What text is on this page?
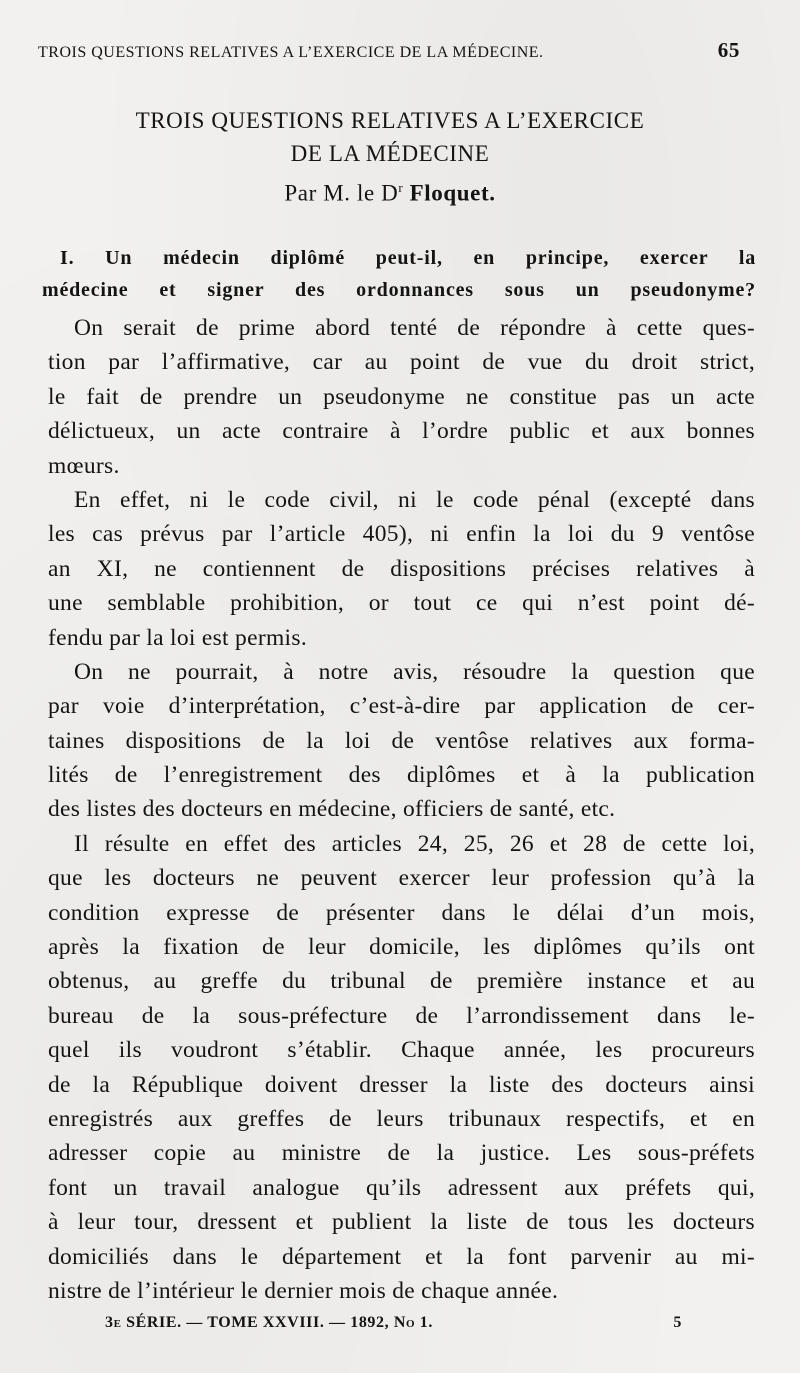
TROIS QUESTIONS RELATIVES A L’EXERCICE DE LA MÉDECINE.	65
TROIS QUESTIONS RELATIVES A L’EXERCICE
DE LA MÉDECINE
Par M. le $D^r$ Floquet.
I. Un médecin diplômé peut-il, en principe, exercer la
médecine et signer des ordonnances sous un pseudonyme?
On serait de prime abord tenté de répondre à cette ques-
tion par l’affirmative, car au point de vue du droit strict,
le fait de prendre un pseudonyme ne constitue pas un acte
délictueux, un acte contraire à l’ordre public et aux bonnes
mœurs.
En effet, ni le code civil, ni le code pénal (excepté dans
les cas prévus par l’article 405), ni enfin la loi du 9 ventôse
an XI, ne contiennent de dispositions précises relatives à
une semblable prohibition, or tout ce qui n’est point dé-
fendu par la loi est permis.
On ne pourrait, à notre avis, résoudre la question que
par voie d’interprétation, c’est-à-dire par application de cer-
taines dispositions de la loi de ventôse relatives aux forma-
lités de l’enregistrement des diplômes et à la publication
des listes des docteurs en médecine, officiers de santé, etc.
Il résulte en effet des articles 24, 25, 26 et 28 de cette loi,
que les docteurs ne peuvent exercer leur profession qu’à la
condition expresse de présenter dans le délai d’un mois,
après la fixation de leur domicile, les diplômes qu’ils ont
obtenus, au greffe du tribunal de première instance et au
bureau de la sous-préfecture de l’arrondissement dans le-
quel ils voudront s’établir. Chaque année, les procureurs
de la République doivent dresser la liste des docteurs ainsi
enregistrés aux greffes de leurs tribunaux respectifs, et en
adresser copie au ministre de la justice. Les sous-préfets
font un travail analogue qu’ils adressent aux préfets qui,
à leur tour, dressent et publient la liste de tous les docteurs
domiciliés dans le département et la font parvenir au mi-
nistre de l’intérieur le dernier mois de chaque année.
3e SÉRIE. — TOME XXVIII. — 1892, No 1.	5
